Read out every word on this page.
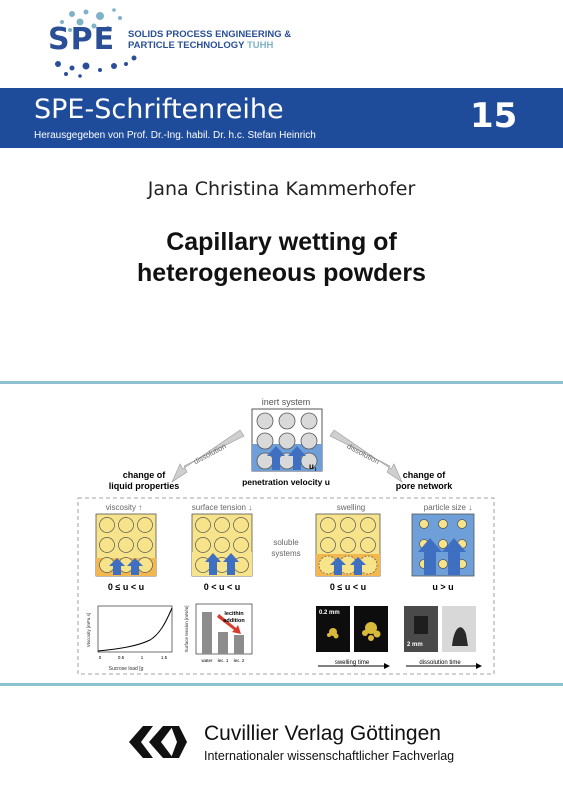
SPE SOLIDS PROCESS ENGINEERING &
PARTICLE TECHNOLOGY TUHH
SPE-Schriftenreihe
Herausgegeben von Prof. Dr.-Ing. habil. Dr. h.c. Stefan Heinrich	15
Jana Christina Kammerhofer
Capillary wetting of
heterogeneous powders
inert system
u i
penetration velocity u
dissolution	dissolution
change of
liquid properties
change of
pore network
viscosity ↑	surface tension ↓	swelling	particle size ↓
0 ≤ u < u	0 < u < u
soluble
systems
0 ≤ u < u	u > u
Viscosity [mPa s]
Sucrose load [g
0	0.5	1	1.5
lecithin
addition
Surface tension [mN/m]
water lec. 1 lec. 2
0.2 mm
swelling time
2 mm
dissolution time
Cuvillier Verlag Göttingen
Internationaler wissenschaftlicher Fachverlag
